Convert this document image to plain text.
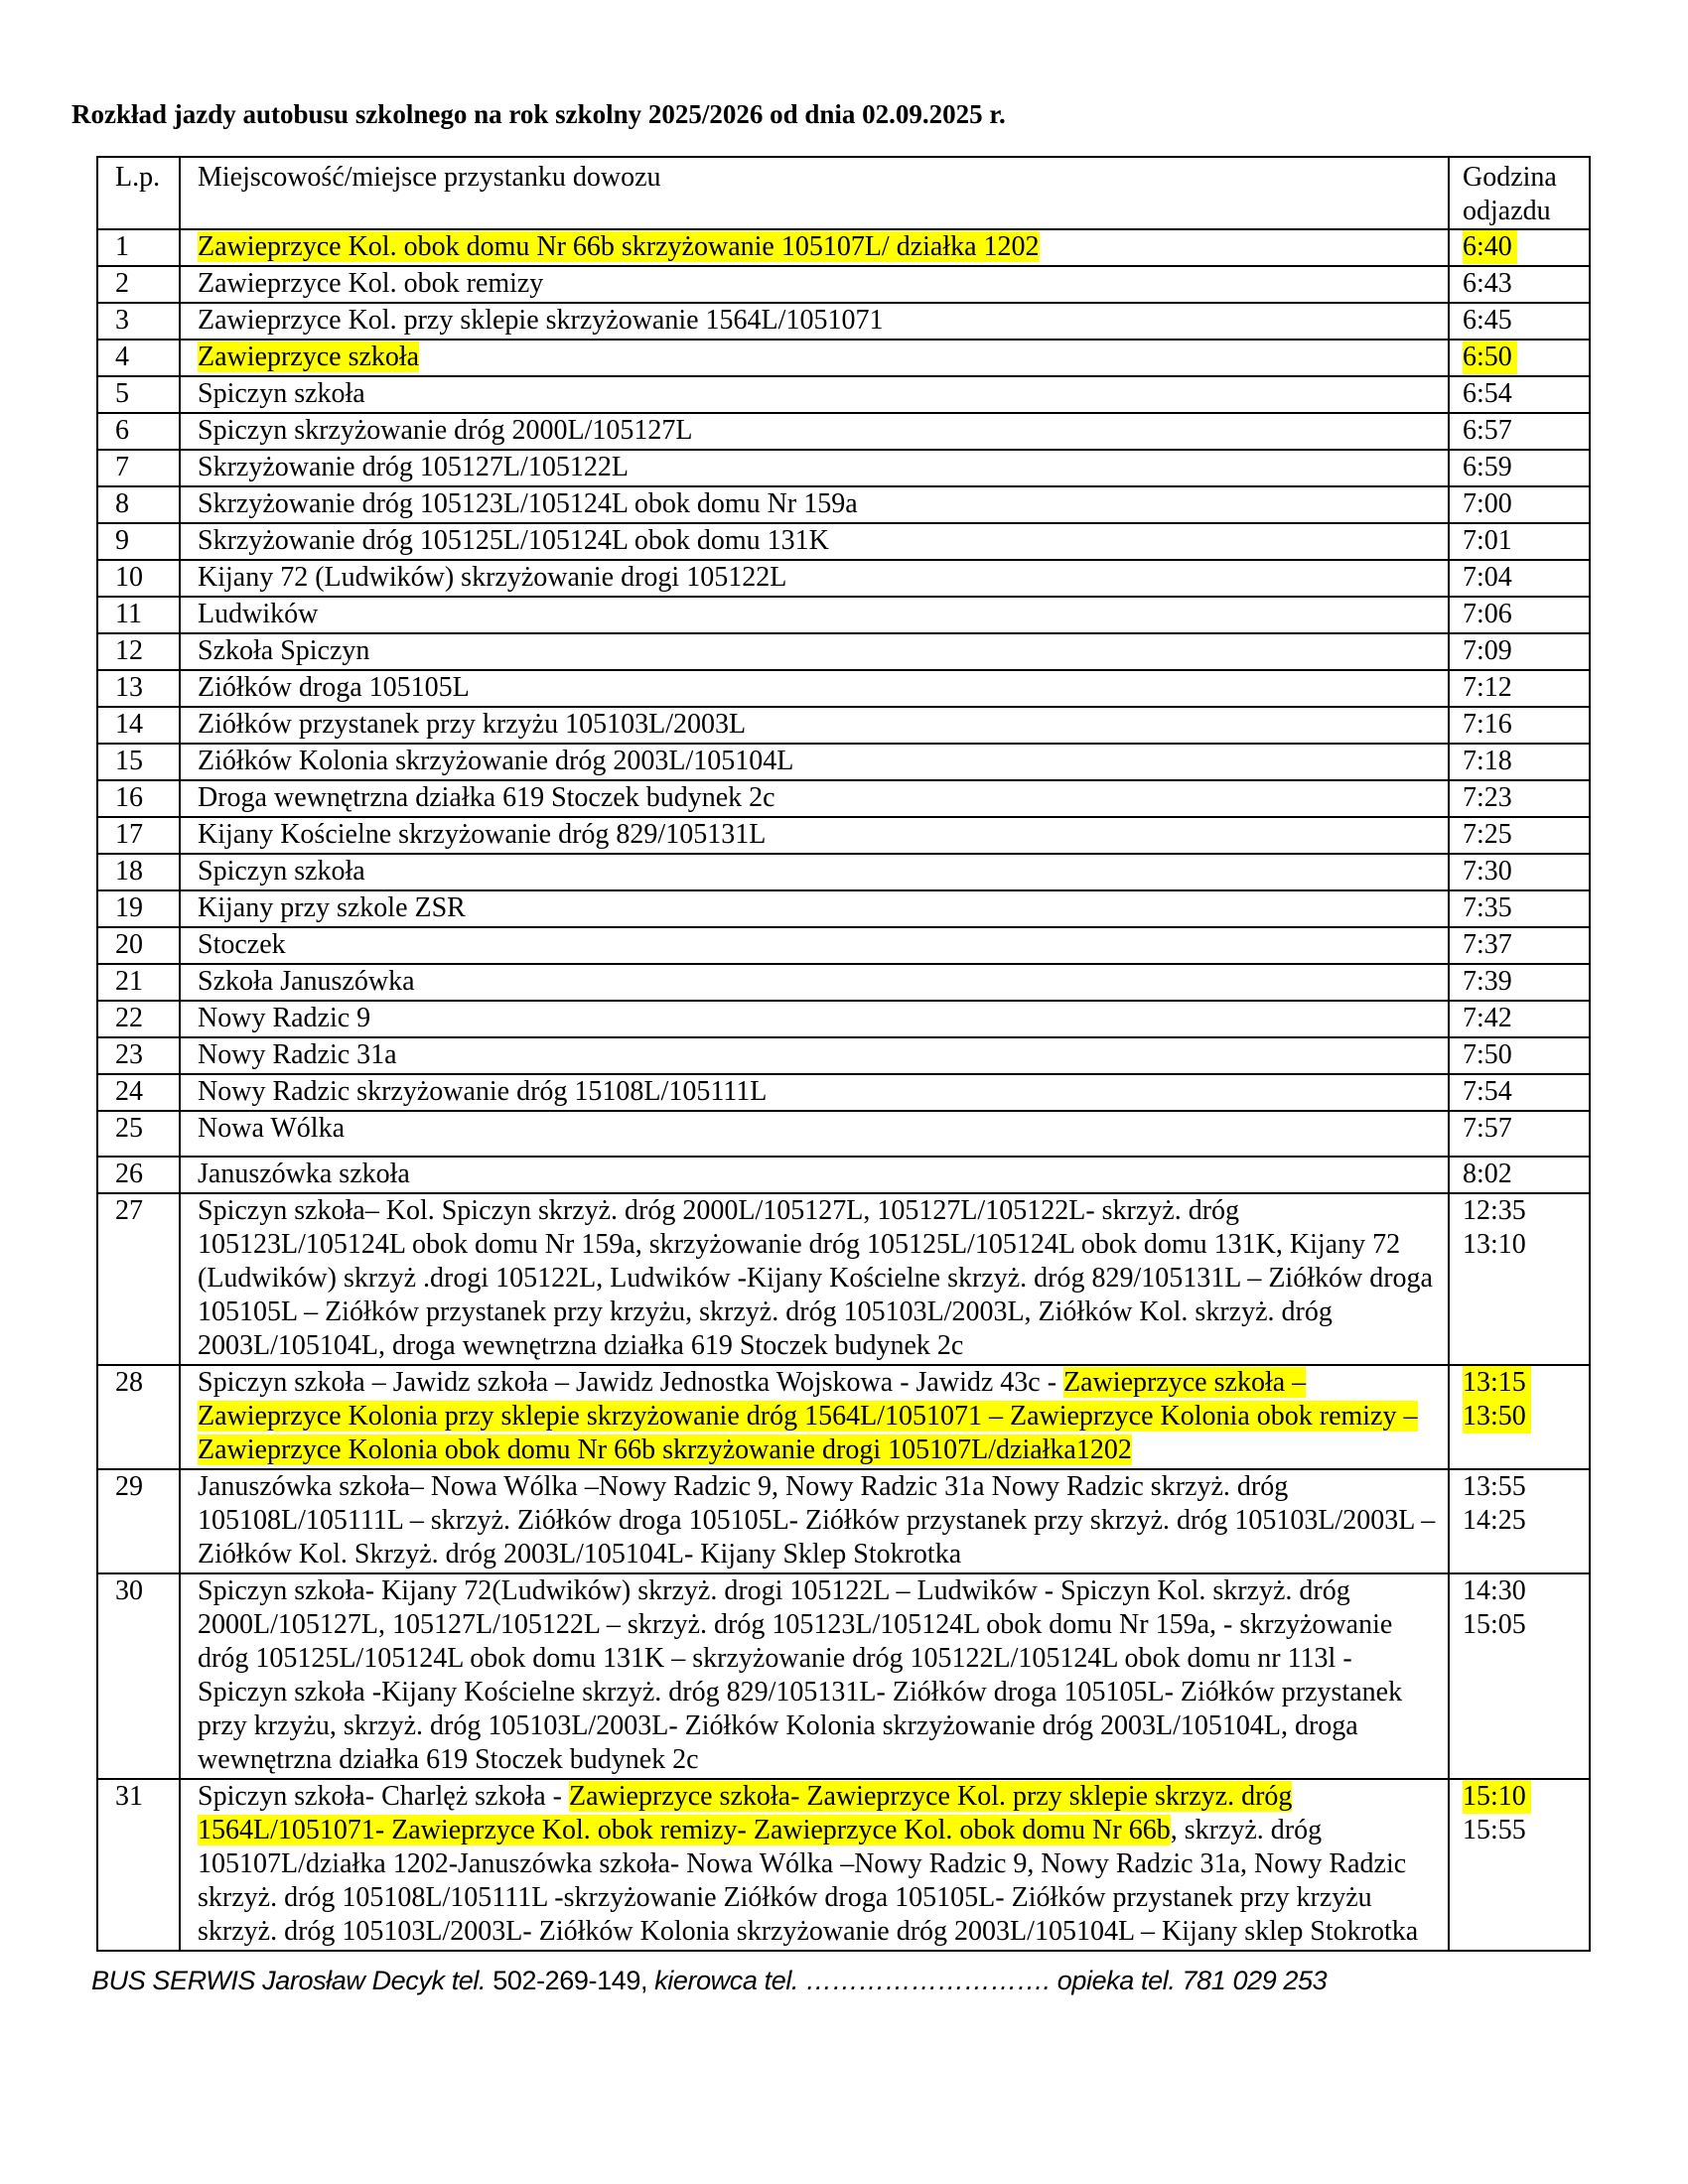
Rozkład jazdy autobusu szkolnego na rok szkolny 2025/2026 od dnia 02.09.2025 r.
L.p.	Miejscowość/miejsce przystanku dowozu	Godzina odjazdu
1	Zawieprzyce Kol. obok domu Nr 66b skrzyżowanie 105107L/ działka 1202	6:40

2	Zawieprzyce Kol. obok remizy	6:43

3	Zawieprzyce Kol. przy sklepie skrzyżowanie 1564L/1051071	6:45

4	Zawieprzyce szkoła	6:50

5	Spiczyn szkoła	6:54

6	Spiczyn skrzyżowanie dróg 2000L/105127L	6:57

7	Skrzyżowanie dróg 105127L/105122L	6:59

8	Skrzyżowanie dróg 105123L/105124L obok domu Nr 159a	7:00

9	Skrzyżowanie dróg 105125L/105124L obok domu 131K	7:01

10	Kijany 72 (Ludwików) skrzyżowanie drogi 105122L	7:04

11	Ludwików	7:06

12	Szkoła Spiczyn	7:09

13	Ziółków droga 105105L	7:12

14	Ziółków przystanek przy krzyżu 105103L/2003L	7:16

15	Ziółków Kolonia skrzyżowanie dróg 2003L/105104L	7:18

16	Droga wewnętrzna działka 619 Stoczek budynek 2c	7:23

17	Kijany Kościelne skrzyżowanie dróg 829/105131L	7:25

18	Spiczyn szkoła	7:30

19	Kijany przy szkole ZSR	7:35

20	Stoczek	7:37

21	Szkoła Januszówka	7:39

22	Nowy Radzic 9	7:42

23	Nowy Radzic 31a	7:50

24	Nowy Radzic skrzyżowanie dróg 15108L/105111L	7:54

25	Nowa Wólka	7:57

26	Januszówka szkoła	8:02

27	Spiczyn szkoła– Kol. Spiczyn skrzyż. dróg 2000L/105127L, 105127L/105122L- skrzyż. dróg 105123L/105124L obok domu Nr 159a, skrzyżowanie dróg 105125L/105124L obok domu 131K, Kijany 72 (Ludwików) skrzyż .drogi 105122L, Ludwików -Kijany Kościelne skrzyż. dróg 829/105131L – Ziółków droga 105105L – Ziółków przystanek przy krzyżu, skrzyż. dróg 105103L/2003L, Ziółków Kol. skrzyż. dróg 2003L/105104L, droga wewnętrzna działka 619 Stoczek budynek 2c	12:35
13:10

28	Spiczyn szkoła – Jawidz szkoła – Jawidz Jednostka Wojskowa - Jawidz 43c - Zawieprzyce szkoła – Zawieprzyce Kolonia przy sklepie skrzyżowanie dróg 1564L/1051071 – Zawieprzyce Kolonia obok remizy – Zawieprzyce Kolonia obok domu Nr 66b skrzyżowanie drogi 105107L/działka1202	13:15
13:50

29	Januszówka szkoła– Nowa Wólka –Nowy Radzic 9, Nowy Radzic 31a Nowy Radzic skrzyż. dróg 105108L/105111L – skrzyż. Ziółków droga 105105L- Ziółków przystanek przy skrzyż. dróg 105103L/2003L – Ziółków Kol. Skrzyż. dróg 2003L/105104L- Kijany Sklep Stokrotka	13:55
14:25

30	Spiczyn szkoła- Kijany 72(Ludwików) skrzyż. drogi 105122L – Ludwików - Spiczyn Kol. skrzyż. dróg 2000L/105127L, 105127L/105122L – skrzyż. dróg 105123L/105124L obok domu Nr 159a, - skrzyżowanie dróg 105125L/105124L obok domu 131K – skrzyżowanie dróg 105122L/105124L obok domu nr 113l - Spiczyn szkoła -Kijany Kościelne skrzyż. dróg 829/105131L- Ziółków droga 105105L- Ziółków przystanek przy krzyżu, skrzyż. dróg 105103L/2003L- Ziółków Kolonia skrzyżowanie dróg 2003L/105104L, droga wewnętrzna działka 619 Stoczek budynek 2c	14:30
15:05

31	Spiczyn szkoła- Charlęż szkoła - Zawieprzyce szkoła- Zawieprzyce Kol. przy sklepie skrzyz. dróg 1564L/1051071- Zawieprzyce Kol. obok remizy- Zawieprzyce Kol. obok domu Nr 66b, skrzyż. dróg 105107L/działka 1202-Januszówka szkoła- Nowa Wólka –Nowy Radzic 9, Nowy Radzic 31a, Nowy Radzic skrzyż. dróg 105108L/105111L -skrzyżowanie Ziółków droga 105105L- Ziółków przystanek przy krzyżu skrzyż. dróg 105103L/2003L- Ziółków Kolonia skrzyżowanie dróg 2003L/105104L – Kijany sklep Stokrotka	15:10
15:55
BUS SERWIS Jarosław Decyk tel. 502-269-149, kierowca tel. ………………………. opieka tel. 781 029 253
